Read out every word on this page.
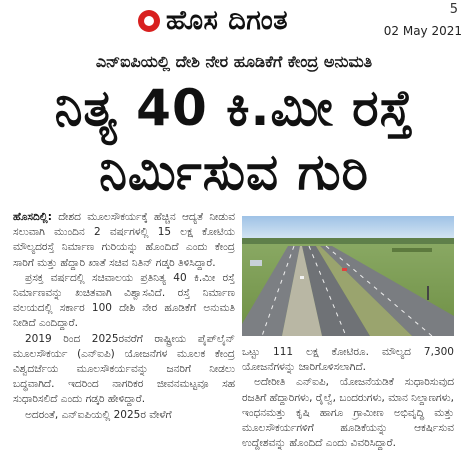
ಹೊಸ ದಿಗಂತ	5
02 May 2021
ಎನ್‌ಐಪಿಯಲ್ಲಿ ದೇಶಿ ನೇರ ಹೂಡಿಕೆಗೆ ಕೇಂದ್ರ ಅನುಮತಿ
ನಿತ್ಯ 40 ಕಿ.ಮೀ ರಸ್ತೆ
ನಿರ್ಮಿಸುವ ಗುರಿ

ಹೊಸದಿಲ್ಲಿ: ದೇಶದ ಮೂಲಸೌಕರ್ಯಕ್ಕೆ ಹೆಚ್ಚಿನ ಆದ್ಯತೆ ನೀಡುವ ಸಲುವಾಗಿ ಮುಂದಿನ 2 ವರ್ಷಗಳಲ್ಲಿ 15 ಲಕ್ಷ ಕೋಟಿಯ ಮೌಲ್ಯದರಸ್ತೆ ನಿರ್ಮಾಣ ಗುರಿಯನ್ನು ಹೊಂದಿದೆ ಎಂದು ಕೇಂದ್ರ ಸಾರಿಗೆ ಮತ್ತು ಹೆದ್ದಾರಿ ಖಾತೆ ಸಚಿವ ನಿತಿನ್ ಗಡ್ಕರಿ ತಿಳಿಸಿದ್ದಾರೆ.

ಪ್ರಸಕ್ತ ವರ್ಷದಲ್ಲಿ ಸಚಿವಾಲಯ ಪ್ರತಿನಿತ್ಯ 40 ಕಿ.ಮೀ ರಸ್ತೆ ನಿರ್ಮಾಣವನ್ನು ಖಚಿತವಾಗಿ ವಿಶ್ವಾಸವಿದೆ. ರಸ್ತೆ ನಿರ್ಮಾಣ ವಲಯದಲ್ಲಿ ಸರ್ಕಾರ 100 ದೇಶಿ ನೇರ ಹೂಡಿಕೆಗೆ ಅನುಮತಿ ನೀಡಿದೆ ಎಂದಿದ್ದಾರೆ.

2019 ರಿಂದ 2025ರವರೆಗೆ ರಾಷ್ಟ್ರೀಯ ಪೈಪ್‌ಲೈನ್ ಮೂಲಸೌಕರ್ಯ (ಎನ್‌ಐಪಿ) ಯೋಜನೆಗಳ ಮೂಲಕ ಕೇಂದ್ರ ವಿಶ್ವದರ್ಜೆಯ ಮೂಲಸೌಕರ್ಯವನ್ನು ಜನರಿಗೆ ನೀಡಲು ಬದ್ಧವಾಗಿದೆ. ಇದರಿಂದ ನಾಗರಿಕರ ಜೀವನಮಟ್ಟವೂ ಸಹ ಸುಧಾರಿಸಲಿದೆ ಎಂದು ಗಡ್ಕರಿ ಹೇಳಿದ್ದಾರೆ.

ಅದರಂತೆ, ಎನ್‌ಐಪಿಯಲ್ಲಿ 2025ರ ವೇಳೆಗೆ

ಒಟ್ಟು 111 ಲಕ್ಷ ಕೋಟಿರೂ. ಮೌಲ್ಯದ 7,300 ಯೋಜನೆಗಳನ್ನು ಜಾರಿಗೊಳಿಸಲಾಗಿದೆ.

ಅದೇರೀತಿ ಎನ್‌ಐಪಿ, ಯೋಜನೆಯಡಿಕೆ ಸುಧಾರಿಸುವುದ ರಜತಿಗೆ ಹೆದ್ದಾರಿಗಳು, ರೈಲ್ವೆ, ಬಂದರುಗಳು, ಮಾನ ನಿಲ್ದಾಣಗಳು, ಇಂಧನಮತ್ತು ಕೃಷಿ ಹಾಗೂ ಗ್ರಾಮೀಣ ಅಭಿವೃದ್ಧಿ ಮತ್ತು ಮೂಲಸೌಕರ್ಯಗಳಿಗೆ ಹೂಡಿಕೆಯನ್ನು ಆಕರ್ಷಿಸುವ ಉದ್ದೇಶವನ್ನು ಹೊಂದಿದೆ ಎಂದು ವಿವರಿಸಿದ್ದಾರೆ.
